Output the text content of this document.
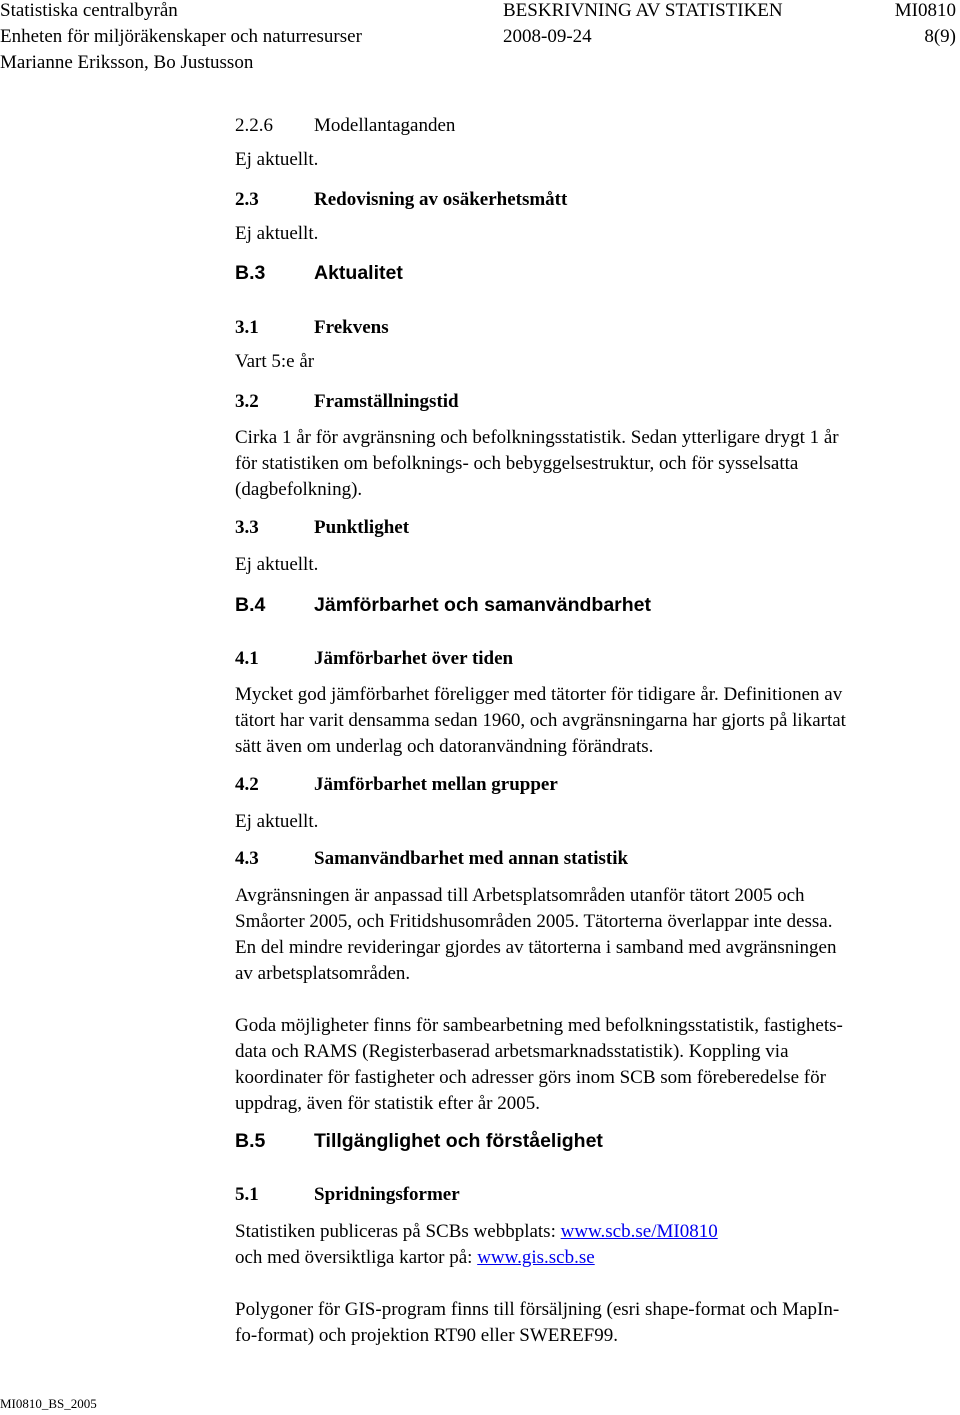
Statistiska centralbyrån	BESKRIVNING AV STATISTIKEN	MI0810
Enheten för miljöräkenskaper och naturresurser	2008-09-24	8(9)
Marianne Eriksson, Bo Justusson
2.2.6 Modellantaganden
Ej aktuellt.
2.3	Redovisning av osäkerhetsmått
Ej aktuellt.
B.3 Aktualitet
3.1	Frekvens
Vart 5:e år
3.2	Framställningstid
Cirka 1 år för avgränsning och befolkningsstatistik. Sedan ytterligare drygt 1 år
för statistiken om befolknings- och bebyggelsestruktur, och för sysselsatta
(dagbefolkning).
3.3	Punktlighet
Ej aktuellt.
B.4 Jämförbarhet och samanvändbarhet
4.1	Jämförbarhet över tiden
Mycket god jämförbarhet föreligger med tätorter för tidigare år. Definitionen av
tätort har varit densamma sedan 1960, och avgränsningarna har gjorts på likartat
sätt även om underlag och datoranvändning förändrats.
4.2	Jämförbarhet mellan grupper
Ej aktuellt.
4.3	Samanvändbarhet med annan statistik
Avgränsningen är anpassad till Arbetsplatsområden utanför tätort 2005 och
Småorter 2005, och Fritidshusområden 2005. Tätorterna överlappar inte dessa.
En del mindre revideringar gjordes av tätorterna i samband med avgränsningen
av arbetsplatsområden.
Goda möjligheter finns för sambearbetning med befolkningsstatistik, fastighets-
data och RAMS (Registerbaserad arbetsmarknadsstatistik). Koppling via
koordinater för fastigheter och adresser görs inom SCB som föreberedelse för
uppdrag, även för statistik efter år 2005.
B.5 Tillgänglighet och förståelighet
5.1	Spridningsformer
Statistiken publiceras på SCBs webbplats: www.scb.se/MI0810
och med översiktliga kartor på: www.gis.scb.se
Polygoner för GIS-program finns till försäljning (esri shape-format och MapIn-
fo-format) och projektion RT90 eller SWEREF99.
MI0810_BS_2005
